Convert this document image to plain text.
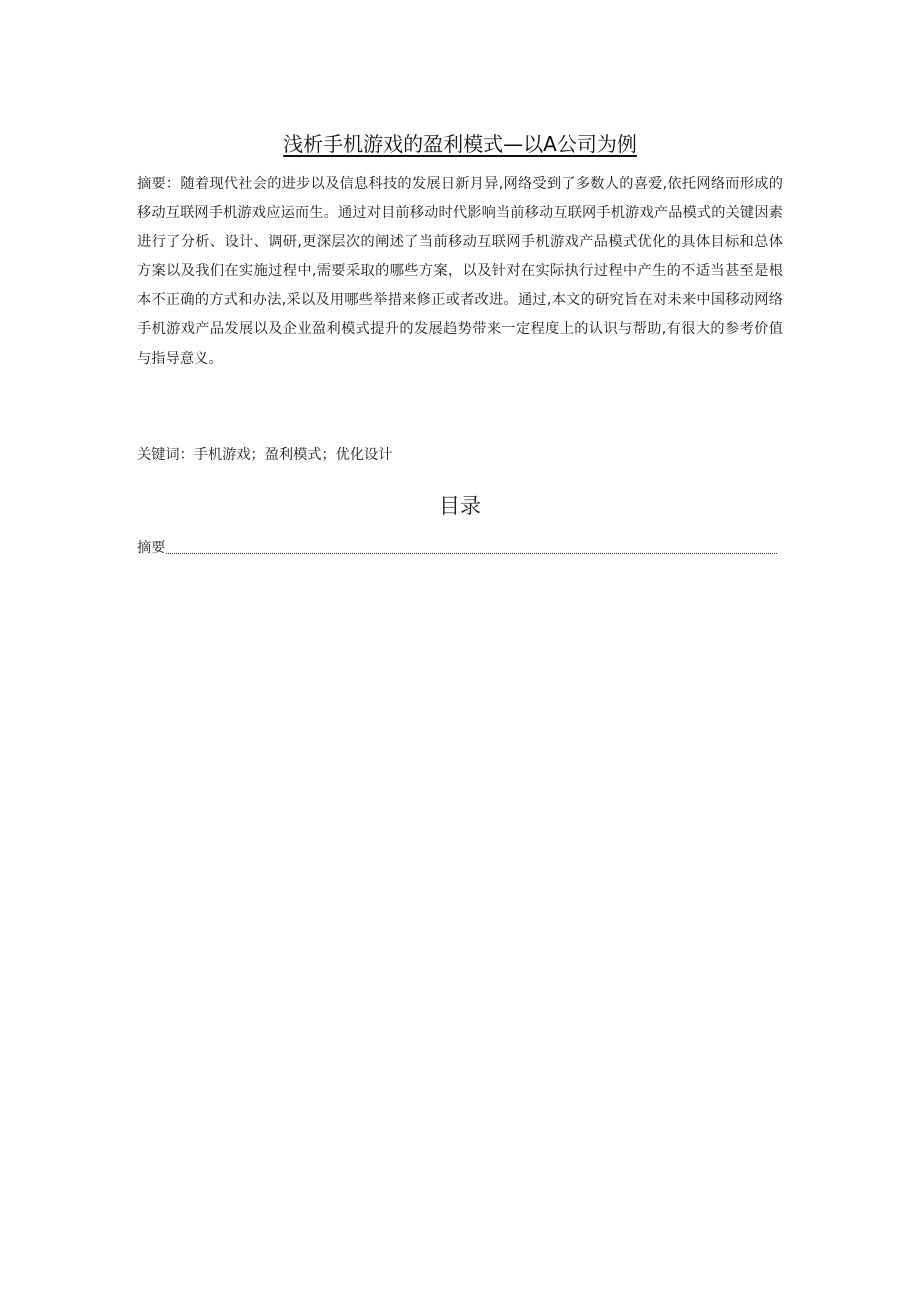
浅析手机游戏的盈利模式—以A公司为例

摘要：随着现代社会的进步以及信息科技的发展日新月异,网络受到了多数人的喜爱,依托网络而形成的移动互联网手机游戏应运而生。通过对目前移动时代影响当前移动互联网手机游戏产品模式的关键因素进行了分析、设计、调研,更深层次的阐述了当前移动互联网手机游戏产品模式优化的具体目标和总体方案以及我们在实施过程中,需要采取的哪些方案，以及针对在实际执行过程中产生的不适当甚至是根本不正确的方式和办法,采以及用哪些举措来修正或者改进。通过,本文的研究旨在对未来中国移动网络手机游戏产品发展以及企业盈利模式提升的发展趋势带来一定程度上的认识与帮助,有很大的参考价值与指导意义。

关键词：手机游戏；盈利模式；优化设计

目录
摘要
